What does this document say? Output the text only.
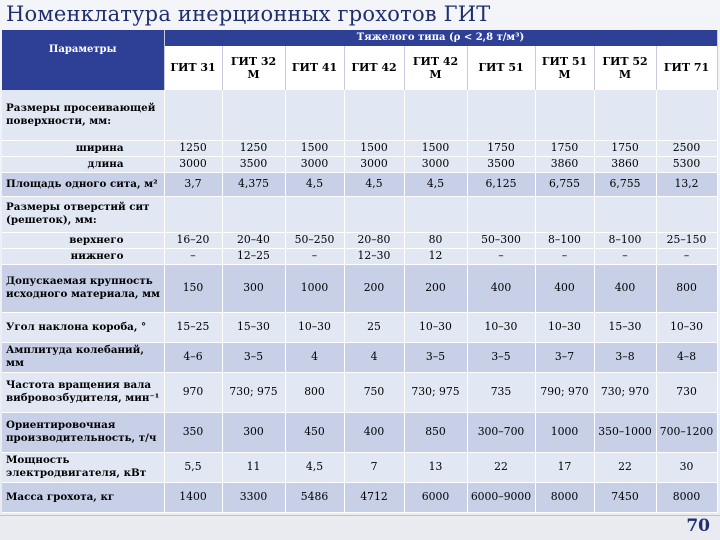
Номенклатура инерционных грохотов ГИТ
Параметры	Тяжелого типа (ρ < 2,8 т/м³)								
	ГИТ 31	ГИТ 32 М	ГИТ 41	ГИТ 42	ГИТ 42 М	ГИТ 51	ГИТ 51 М	ГИТ 52 М	ГИТ 71
Размеры просеивающей поверхности, мм:									
ширина	1250	1250	1500	1500	1500	1750	1750	1750	2500
длина	3000	3500	3000	3000	3000	3500	3860	3860	5300
Площадь одного сита, м²	3,7	4,375	4,5	4,5	4,5	6,125	6,755	6,755	13,2
Размеры отверстий сит (решеток), мм:									
верхнего	16–20	20–40	50–250	20–80	80	50–300	8–100	8–100	25–150
нижнего	–	12–25	–	12–30	12	–	–	–	–
Допускаемая крупность исходного материала, мм	150	300	1000	200	200	400	400	400	800
Угол наклона короба, °	15–25	15–30	10–30	25	10–30	10–30	10–30	15–30	10–30
Амплитуда колебаний, мм	4–6	3–5	4	4	3–5	3–5	3–7	3–8	4–8
Частота вращения вала вибровозбудителя, мин⁻¹	970	730; 975	800	750	730; 975	735	790; 970	730; 970	730
Ориентировочная производительность, т/ч	350	300	450	400	850	300–700	1000	350–1000	700–1200
Мощность электродвигателя, кВт	5,5	11	4,5	7	13	22	17	22	30
Масса грохота, кг	1400	3300	5486	4712	6000	6000–9000	8000	7450	8000
70
